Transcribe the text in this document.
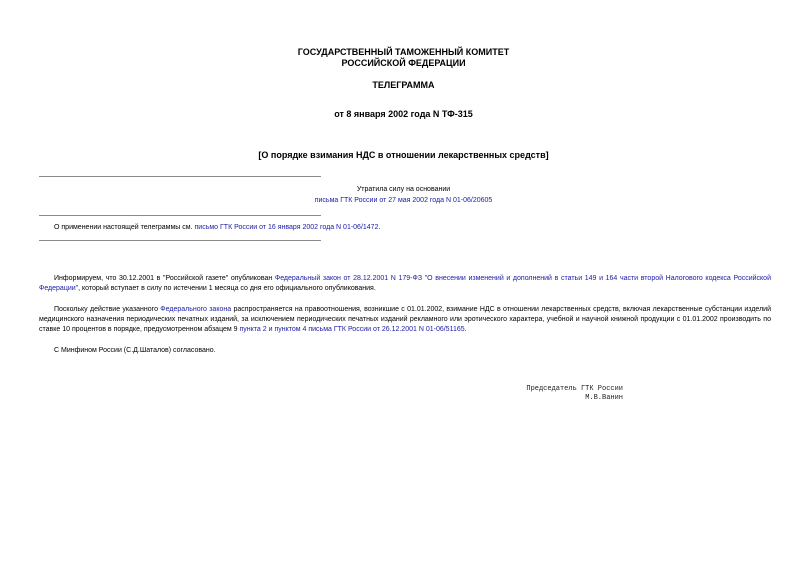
ГОСУДАРСТВЕННЫЙ ТАМОЖЕННЫЙ КОМИТЕТ
РОССИЙСКОЙ ФЕДЕРАЦИИ
ТЕЛЕГРАММА
от 8 января 2002 года N ТФ-315
[О порядке взимания НДС в отношении лекарственных средств]
Утратила силу на основании
письма ГТК России от 27 мая 2002 года N 01-06/20605
О применении настоящей телеграммы см. письмо ГТК России от 16 января 2002 года N 01-06/1472.
Информируем, что 30.12.2001 в "Российской газете" опубликован Федеральный закон от 28.12.2001 N 179-ФЗ "О внесении изменений и дополнений в статьи 149 и 164 части второй Налогового кодекса Российской Федерации", который вступает в силу по истечении 1 месяца со дня его официального опубликования.
Поскольку действие указанного Федерального закона распространяется на правоотношения, возникшие с 01.01.2002, взимание НДС в отношении лекарственных средств, включая лекарственные субстанции изделий медицинского назначения периодических печатных изданий, за исключением периодических печатных изданий рекламного или эротического характера, учебной и научной книжной продукции с 01.01.2002 производить по ставке 10 процентов в порядке, предусмотренном абзацем 9 пункта 2 и пунктом 4 письма ГТК России от 26.12.2001 N 01-06/51165.
С Минфином России (С.Д.Шаталов) согласовано.
Председатель ГТК России
М.В.Ванин
